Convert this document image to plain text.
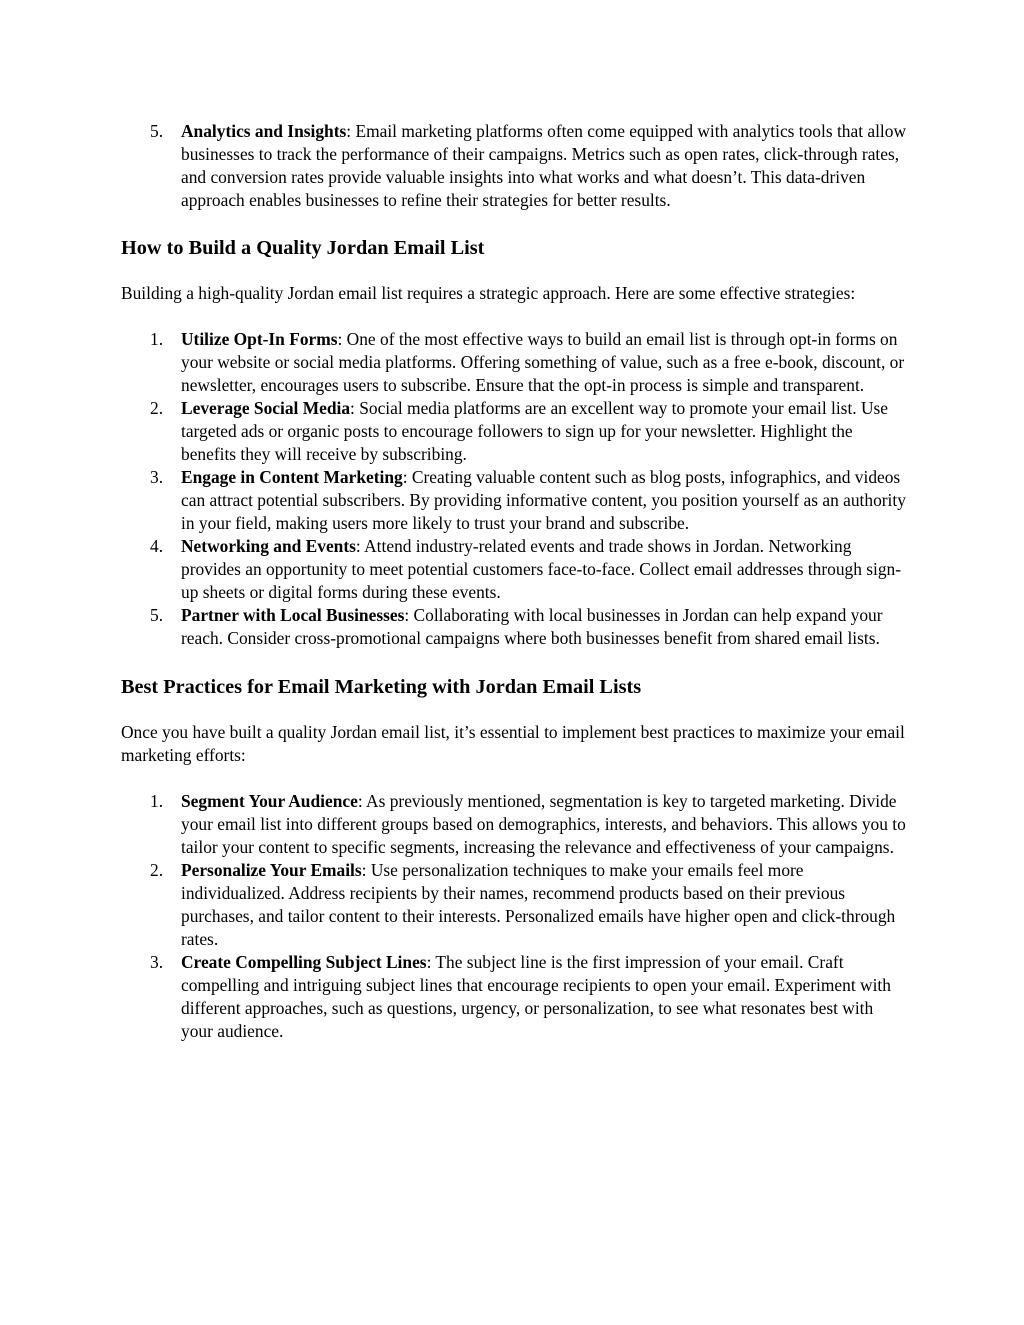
5. Analytics and Insights: Email marketing platforms often come equipped with analytics tools that allow businesses to track the performance of their campaigns. Metrics such as open rates, click-through rates, and conversion rates provide valuable insights into what works and what doesn’t. This data-driven approach enables businesses to refine their strategies for better results.
How to Build a Quality Jordan Email List

Building a high-quality Jordan email list requires a strategic approach. Here are some effective strategies:

1. Utilize Opt-In Forms: One of the most effective ways to build an email list is through opt-in forms on your website or social media platforms. Offering something of value, such as a free e-book, discount, or newsletter, encourages users to subscribe. Ensure that the opt-in process is simple and transparent.
2. Leverage Social Media: Social media platforms are an excellent way to promote your email list. Use targeted ads or organic posts to encourage followers to sign up for your newsletter. Highlight the benefits they will receive by subscribing.
3. Engage in Content Marketing: Creating valuable content such as blog posts, infographics, and videos can attract potential subscribers. By providing informative content, you position yourself as an authority in your field, making users more likely to trust your brand and subscribe.
4. Networking and Events: Attend industry-related events and trade shows in Jordan. Networking provides an opportunity to meet potential customers face-to-face. Collect email addresses through sign-up sheets or digital forms during these events.
5. Partner with Local Businesses: Collaborating with local businesses in Jordan can help expand your reach. Consider cross-promotional campaigns where both businesses benefit from shared email lists.
Best Practices for Email Marketing with Jordan Email Lists

Once you have built a quality Jordan email list, it’s essential to implement best practices to maximize your email marketing efforts:

1. Segment Your Audience: As previously mentioned, segmentation is key to targeted marketing. Divide your email list into different groups based on demographics, interests, and behaviors. This allows you to tailor your content to specific segments, increasing the relevance and effectiveness of your campaigns.
2. Personalize Your Emails: Use personalization techniques to make your emails feel more individualized. Address recipients by their names, recommend products based on their previous purchases, and tailor content to their interests. Personalized emails have higher open and click-through rates.
3. Create Compelling Subject Lines: The subject line is the first impression of your email. Craft compelling and intriguing subject lines that encourage recipients to open your email. Experiment with different approaches, such as questions, urgency, or personalization, to see what resonates best with your audience.
